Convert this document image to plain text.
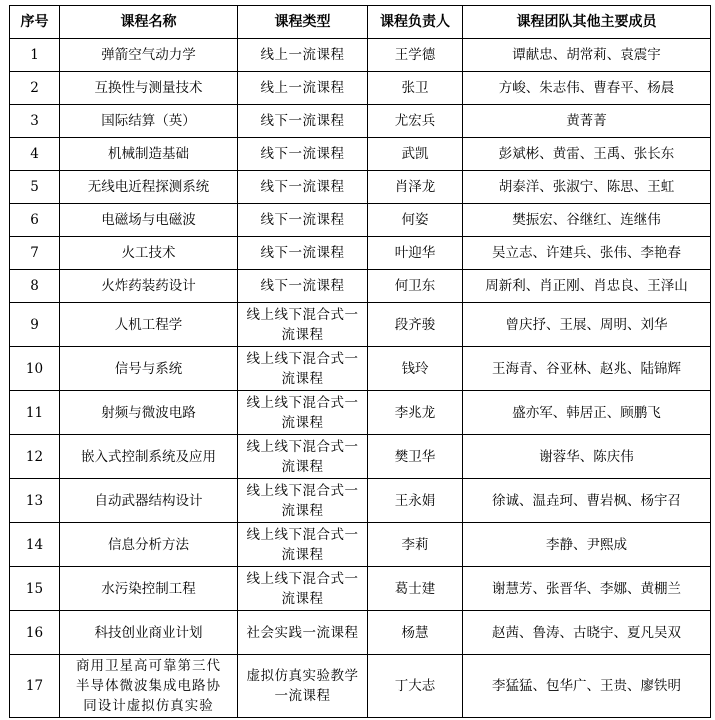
序号	课程名称	课程类型	课程负责人	课程团队其他主要成员
1	弹箭空气动力学	线上一流课程	王学德	谭献忠、胡常莉、袁震宇
2	互换性与测量技术	线上一流课程	张卫	方峻、朱志伟、曹春平、杨晨
3	国际结算（英）	线下一流课程	尤宏兵	黄菁菁
4	机械制造基础	线下一流课程	武凯	彭斌彬、黄雷、王禹、张长东
5	无线电近程探测系统	线下一流课程	肖泽龙	胡泰洋、张淑宁、陈思、王虹
6	电磁场与电磁波	线下一流课程	何姿	樊振宏、谷继红、连继伟
7	火工技术	线下一流课程	叶迎华	吴立志、许建兵、张伟、李艳春
8	火炸药装药设计	线下一流课程	何卫东	周新利、肖正刚、肖忠良、王泽山
9	人机工程学	线上线下混合式一流课程	段齐骏	曾庆抒、王展、周明、刘华
10	信号与系统	线上线下混合式一流课程	钱玲	王海青、谷亚林、赵兆、陆锦辉
11	射频与微波电路	线上线下混合式一流课程	李兆龙	盛亦军、韩居正、顾鹏飞
12	嵌入式控制系统及应用	线上线下混合式一流课程	樊卫华	谢蓉华、陈庆伟
13	自动武器结构设计	线上线下混合式一流课程	王永娟	徐诚、温垚珂、曹岩枫、杨宇召
14	信息分析方法	线上线下混合式一流课程	李莉	李静、尹熙成
15	水污染控制工程	线上线下混合式一流课程	葛士建	谢慧芳、张晋华、李娜、黄棚兰
16	科技创业商业计划	社会实践一流课程	杨慧	赵茜、鲁涛、古晓宇、夏凡吴双
17	商用卫星高可靠第三代半导体微波集成电路协同设计虚拟仿真实验	虚拟仿真实验教学一流课程	丁大志	李猛猛、包华广、王贵、廖铁明
